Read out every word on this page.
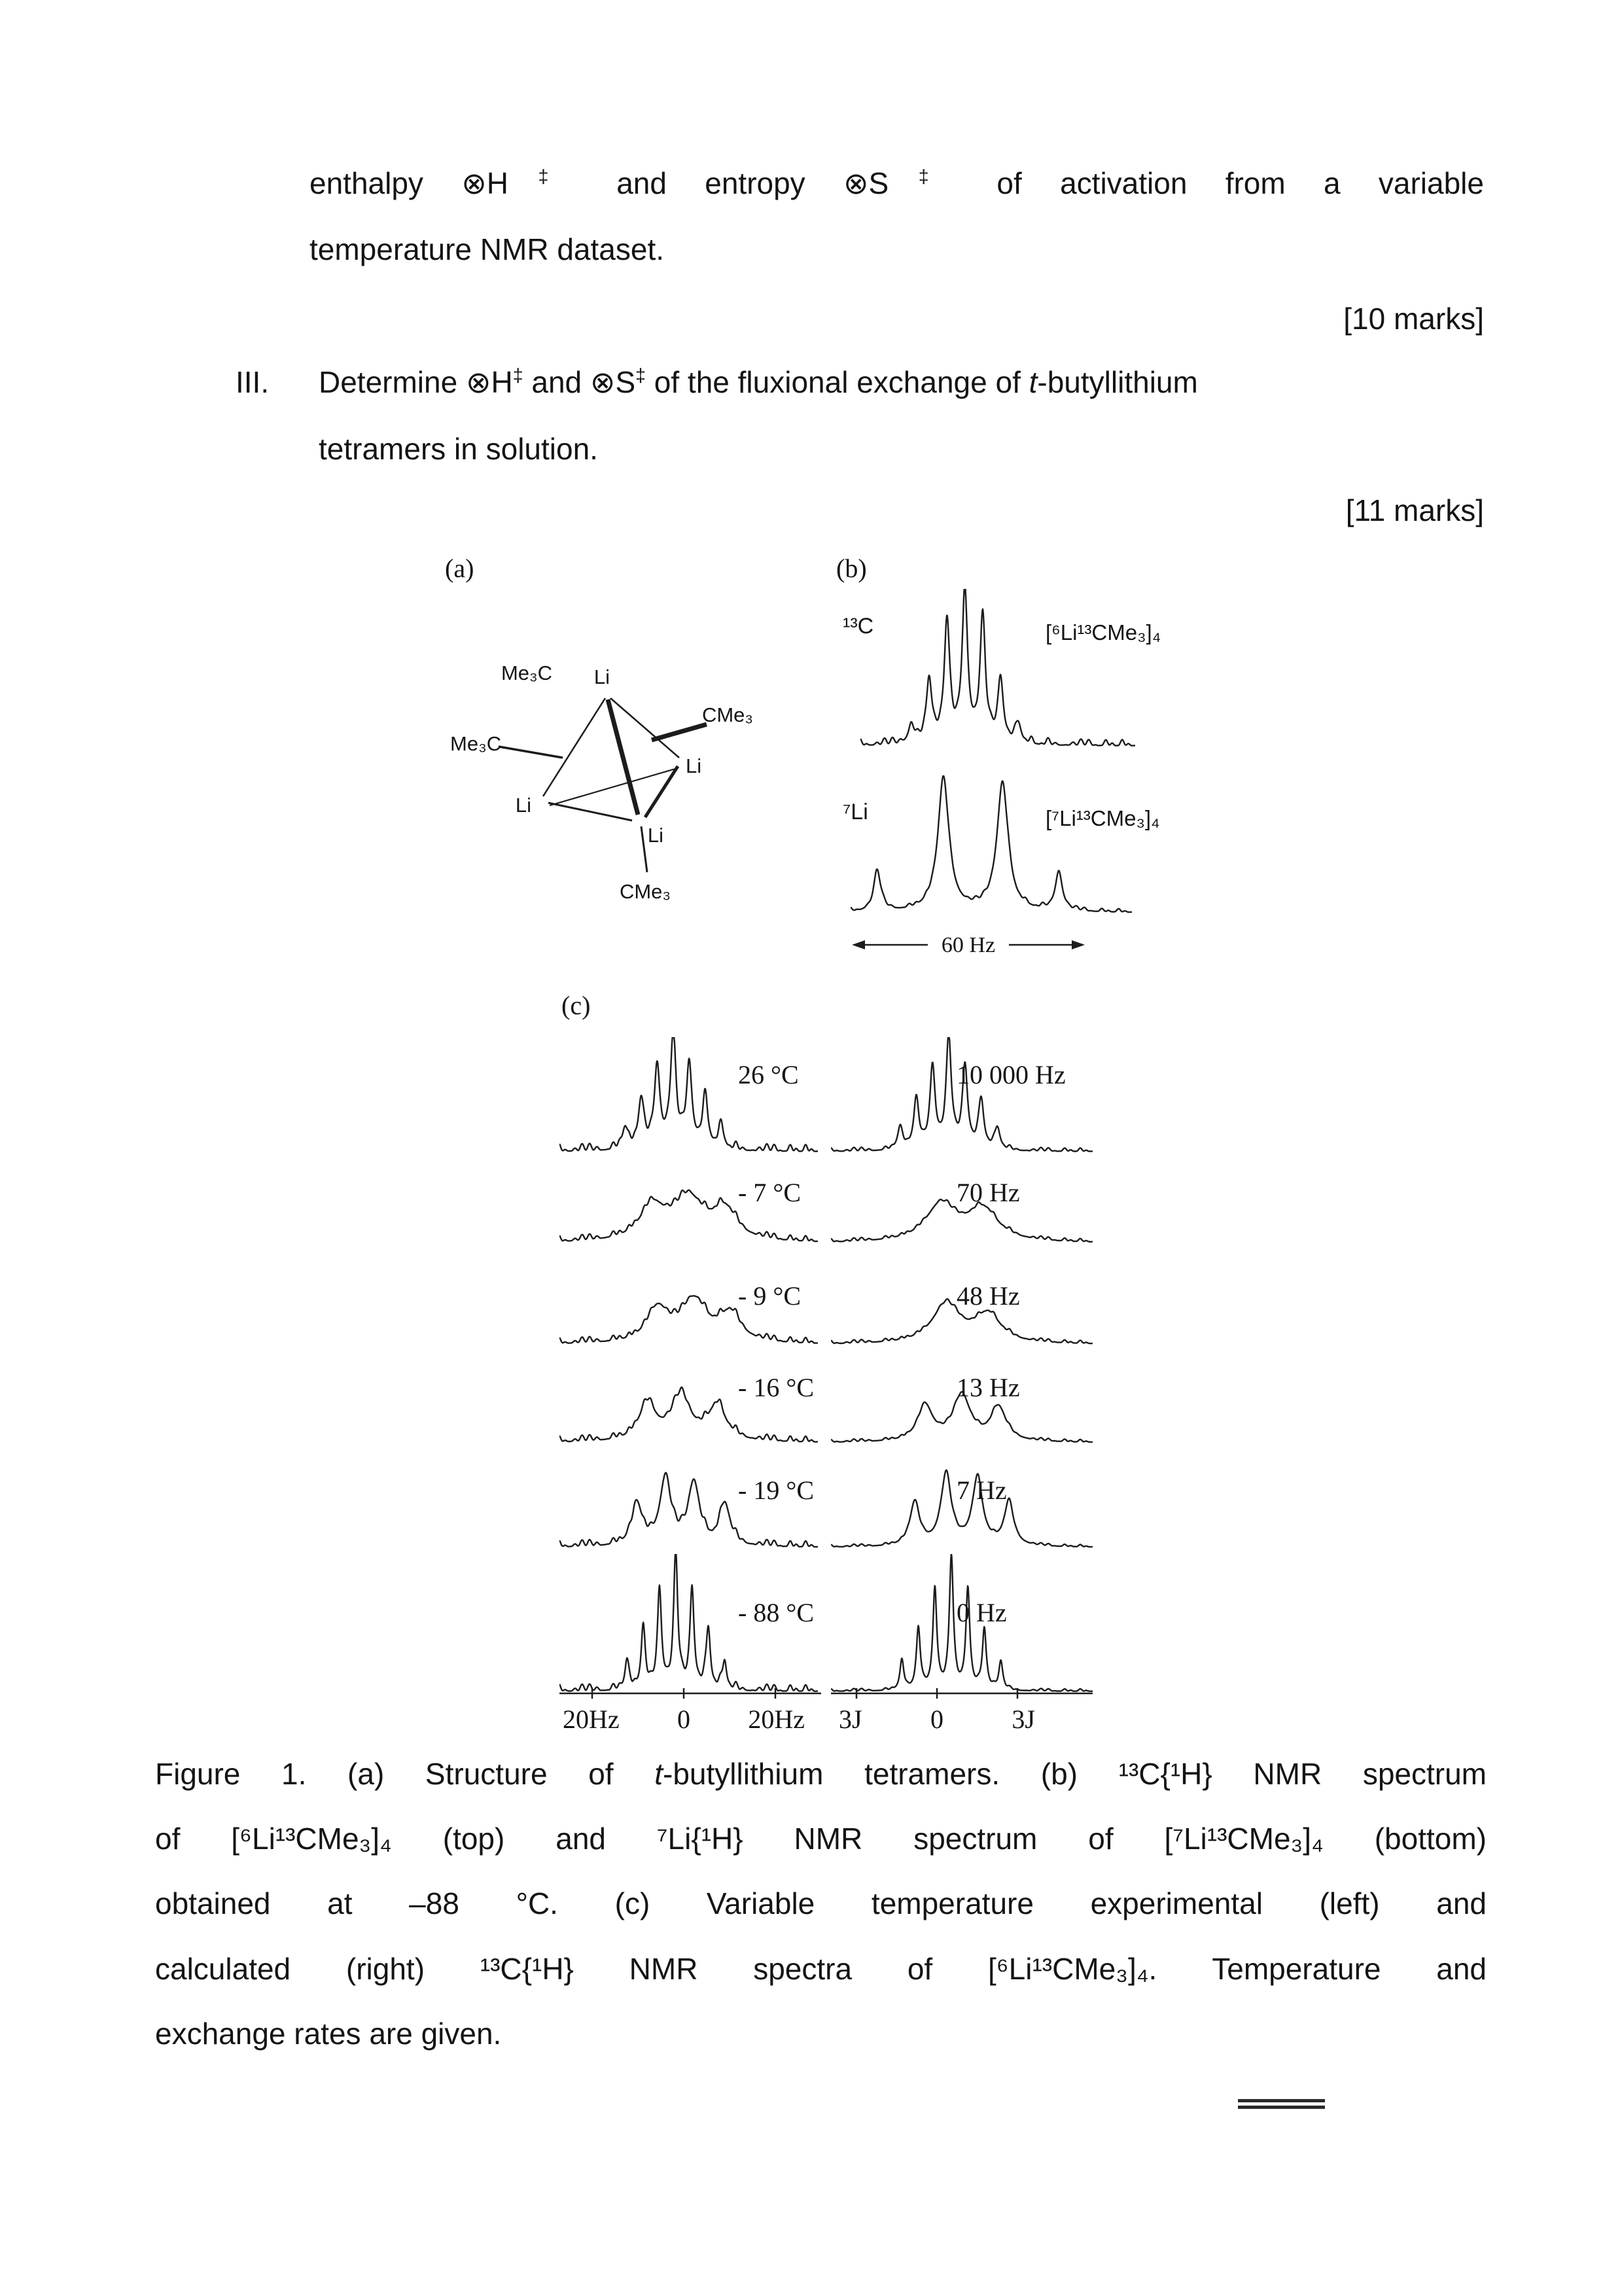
enthalpy ⊗H‡ and entropy ⊗S‡ of activation from a variable
temperature NMR dataset.
[10 marks]
III. Determine ⊗H‡ and ⊗S‡ of the fluxional exchange of t-butyllithium
tetramers in solution.
[11 marks]
(a)	(b)
(c)
Me₃C Li
CMe₃
Me₃C
Li
Li
Li
CMe₃
¹³C	[⁶Li¹³CMe₃]₄
⁷Li	[⁷Li¹³CMe₃]₄
60 Hz
26 °C	10 000 Hz
- 7 °C	70 Hz
- 9 °C	48 Hz
- 16 °C	13 Hz
- 19 °C	7 Hz
- 88 °C	0 Hz
20Hz 0 20Hz 3J	0	3J
Figure 1. (a) Structure of t-butyllithium tetramers. (b) ¹³C{¹H} NMR spectrum
of [⁶Li¹³CMe₃]₄ (top) and ⁷Li{¹H} NMR spectrum of [⁷Li¹³CMe₃]₄ (bottom)
obtained at –88 °C. (c) Variable temperature experimental (left) and
calculated (right) ¹³C{¹H} NMR spectra of [⁶Li¹³CMe₃]₄. Temperature and
exchange rates are given.
